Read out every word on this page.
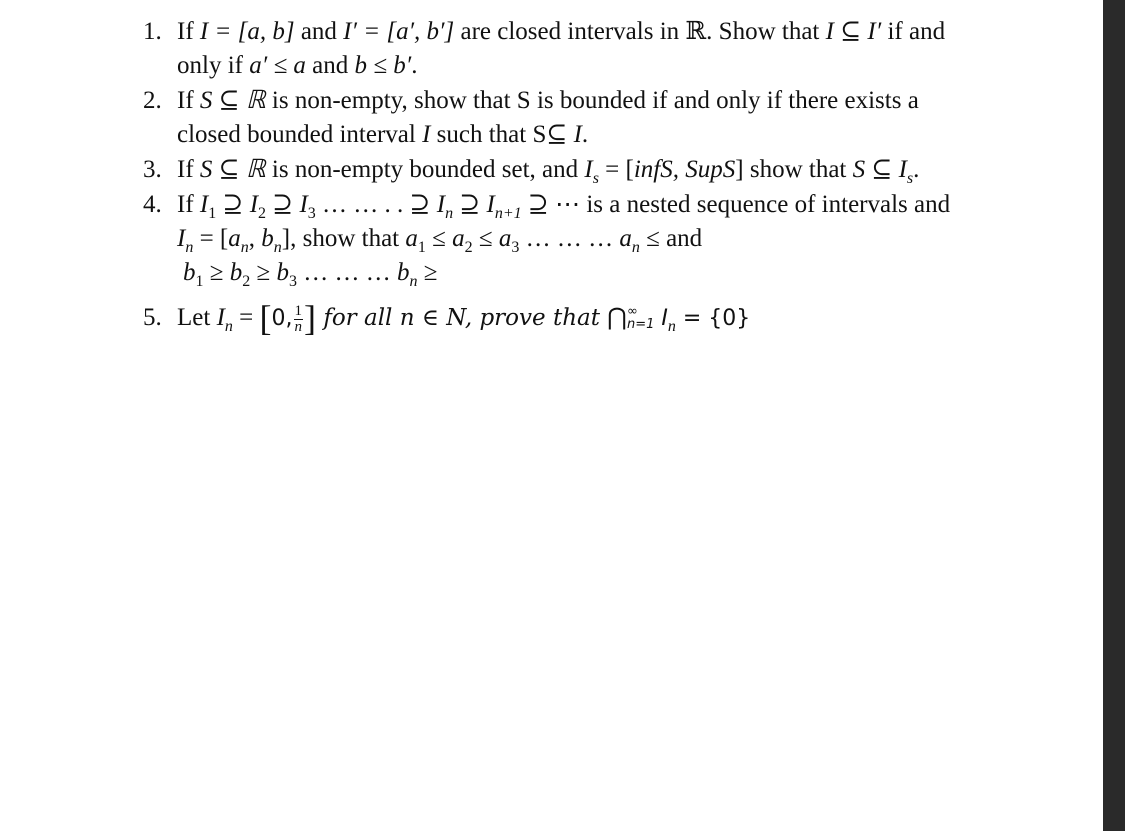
1. If I = [a, b] and I′ = [a′, b′] are closed intervals in ℝ. Show that I ⊆ I′ if and
only if a′ ≤ a and b ≤ b′.
2. If S ⊆ ℝ is non-empty, show that S is bounded if and only if there exists a
closed bounded interval I such that S⊆ I.
3. If S ⊆ ℝ is non-empty bounded set, and $I_s$ = [infS, SupS] show that S ⊆ $I_s$.
4. If $I_1$ ⊇ $I_2$ ⊇ $I_3$ … … . . ⊇ $I_n$ ⊇ $I_{n+1}$ ⊇ ⋯ is a nested sequence of intervals and
$I_n = [a_n$, $b_n$], show that $a_1 \le a_2 \le a_3$ … … … $a_n$ ≤ and
$b_1 \ge b_2 \ge b_3$ … … … $b_n$ ≥
5. Let $I_n = [0$, $\frac{1}{n}$ ] for all n ∈ N, prove that ⋂ ∞
n=1 $I_n = \{0\}$
